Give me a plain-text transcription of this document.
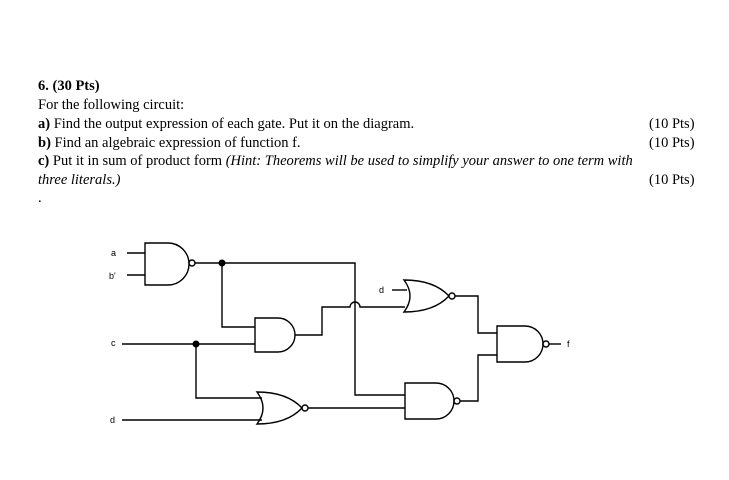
6. (30 Pts)
For the following circuit:
a) Find the output expression of each gate. Put it on the diagram.	(10 Pts)
b) Find an algebraic expression of function f.	(10 Pts)
c) Put it in sum of product form (Hint: Theorems will be used to simplify your answer to one term with
three literals.)	(10 Pts)
.
a
b'
c
d
d
f
